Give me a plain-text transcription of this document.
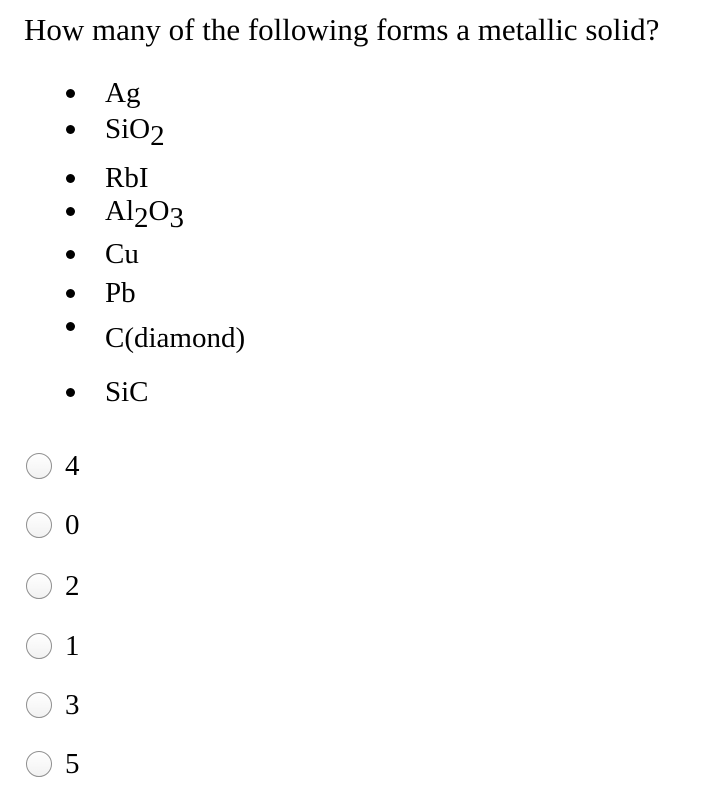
How many of the following forms a metallic solid?
Ag
SiO2
RbI
Al2O3
Cu
Pb
C(diamond)
SiC
4
0
2
1
3
5
